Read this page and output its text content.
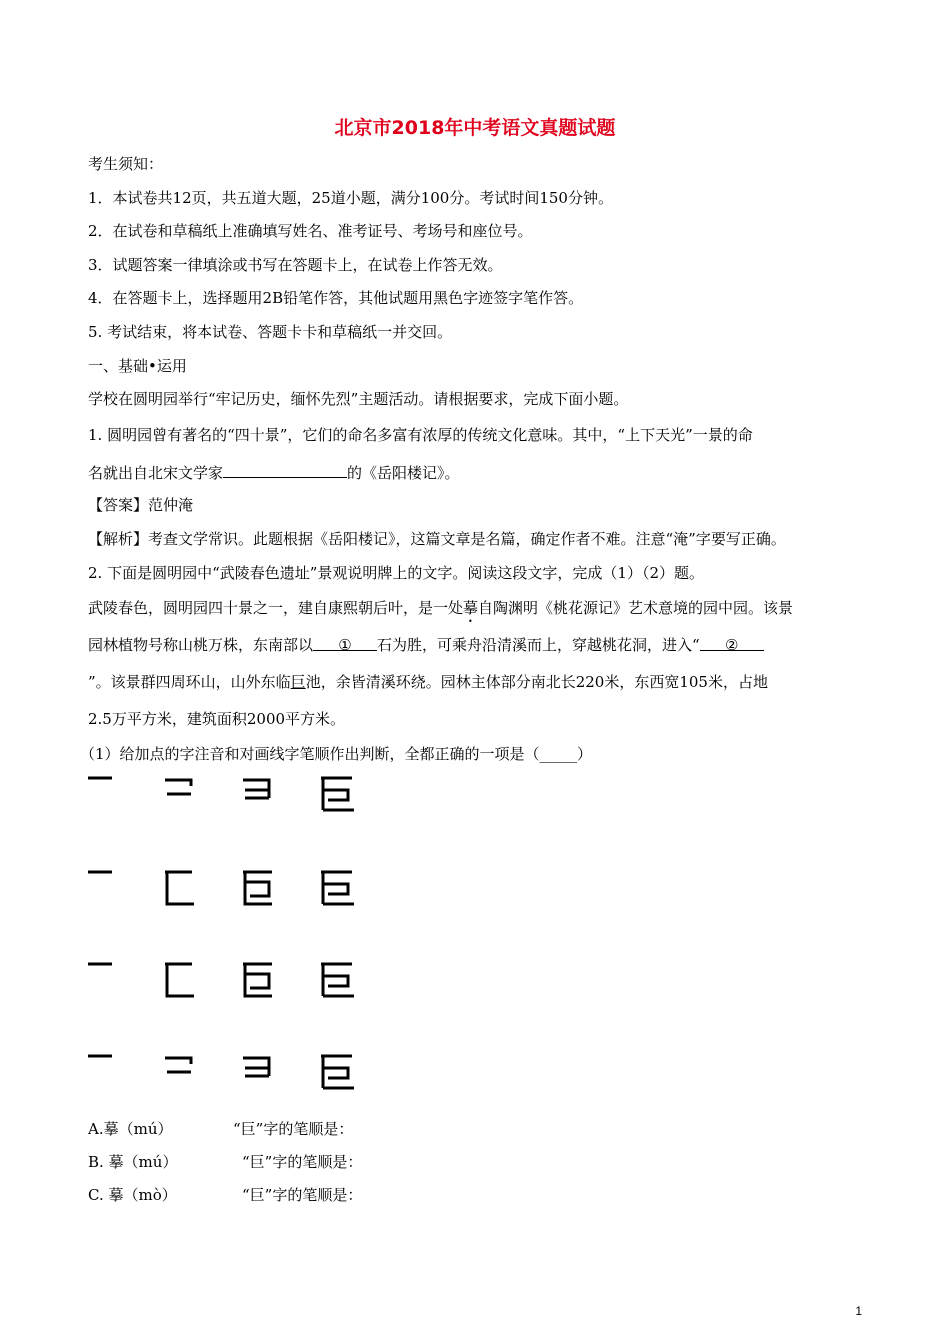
北京市2018年中考语文真题试题
考生须知：
1．本试卷共12页，共五道大题，25道小题，满分100分。考试时间150分钟。
2．在试卷和草稿纸上准确填写姓名、准考证号、考场号和座位号。
3．试题答案一律填涂或书写在答题卡上，在试卷上作答无效。
4．在答题卡上，选择题用2B铅笔作答，其他试题用黑色字迹签字笔作答。
5. 考试结束，将本试卷、答题卡卡和草稿纸一并交回。
一、基础•运用
学校在圆明园举行“牢记历史，缅怀先烈”主题活动。请根据要求，完成下面小题。
1. 圆明园曾有著名的“四十景”，它们的命名多富有浓厚的传统文化意味。其中，“上下天光”一景的命
名就出自北宋文学家	的《岳阳楼记》。
【答案】范仲淹
【解析】考查文学常识。此题根据《岳阳楼记》，这篇文章是名篇，确定作者不难。注意“淹”字要写正确。
2. 下面是圆明园中“武陵春色遗址”景观说明牌上的文字。阅读这段文字，完成（1）（2）题。
武陵春色，圆明园四十景之一，建自康熙朝后叶，是一处摹自陶渊明《桃花源记》艺术意境的园中园。该景
园林植物号称山桃万株，东南部以 ① 石为胜，可乘舟沿清溪而上，穿越桃花洞，进入“ ②
”。该景群四周环山，山外东临巨池，余皆清溪环绕。园林主体部分南北长220米，东西宽105米，占地
2.5万平方米，建筑面积2000平方米。
（1）给加点的字注音和对画线字笔顺作出判断，全都正确的一项是（_____）
A.摹（mú）	“巨”字的笔顺是：
B. 摹（mú）	“巨”字的笔顺是：
C. 摹（mò）	“巨”字的笔顺是：
1
